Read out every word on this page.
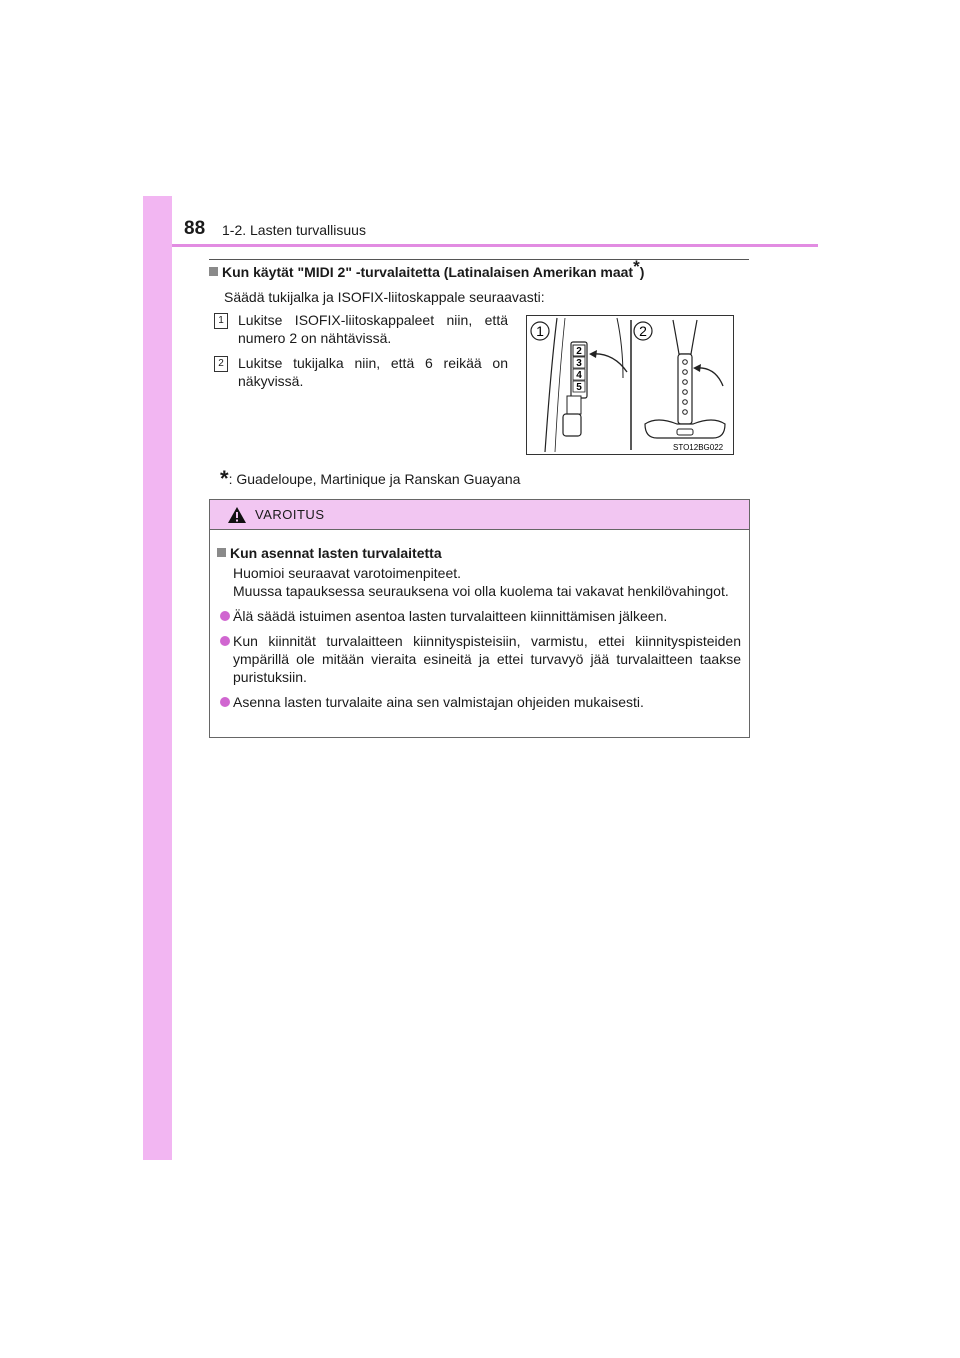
88 1-2. Lasten turvallisuus
Kun käytät "MIDI 2" -turvalaitetta (Latinalaisen Amerikan maat*)
Säädä tukijalka ja ISOFIX-liitoskappale seuraavasti:
1	Lukitse ISOFIX-liitoskappaleet niin, että numero 2 on nähtävissä.
2	Lukitse tukijalka niin, että 6 reikää on näkyvissä.
1	2
2
3
4
5
STO12BG022
*: Guadeloupe, Martinique ja Ranskan Guayana
VAROITUS
Kun asennat lasten turvalaitetta
Huomioi seuraavat varotoimenpiteet.
Muussa tapauksessa seurauksena voi olla kuolema tai vakavat henkilövahingot.
Älä säädä istuimen asentoa lasten turvalaitteen kiinnittämisen jälkeen.
Kun kiinnität turvalaitteen kiinnityspisteisiin, varmistu, ettei kiinnityspisteiden ympärillä ole mitään vieraita esineitä ja ettei turvavyö jää turvalaitteen taakse puristuksiin.
Asenna lasten turvalaite aina sen valmistajan ohjeiden mukaisesti.
